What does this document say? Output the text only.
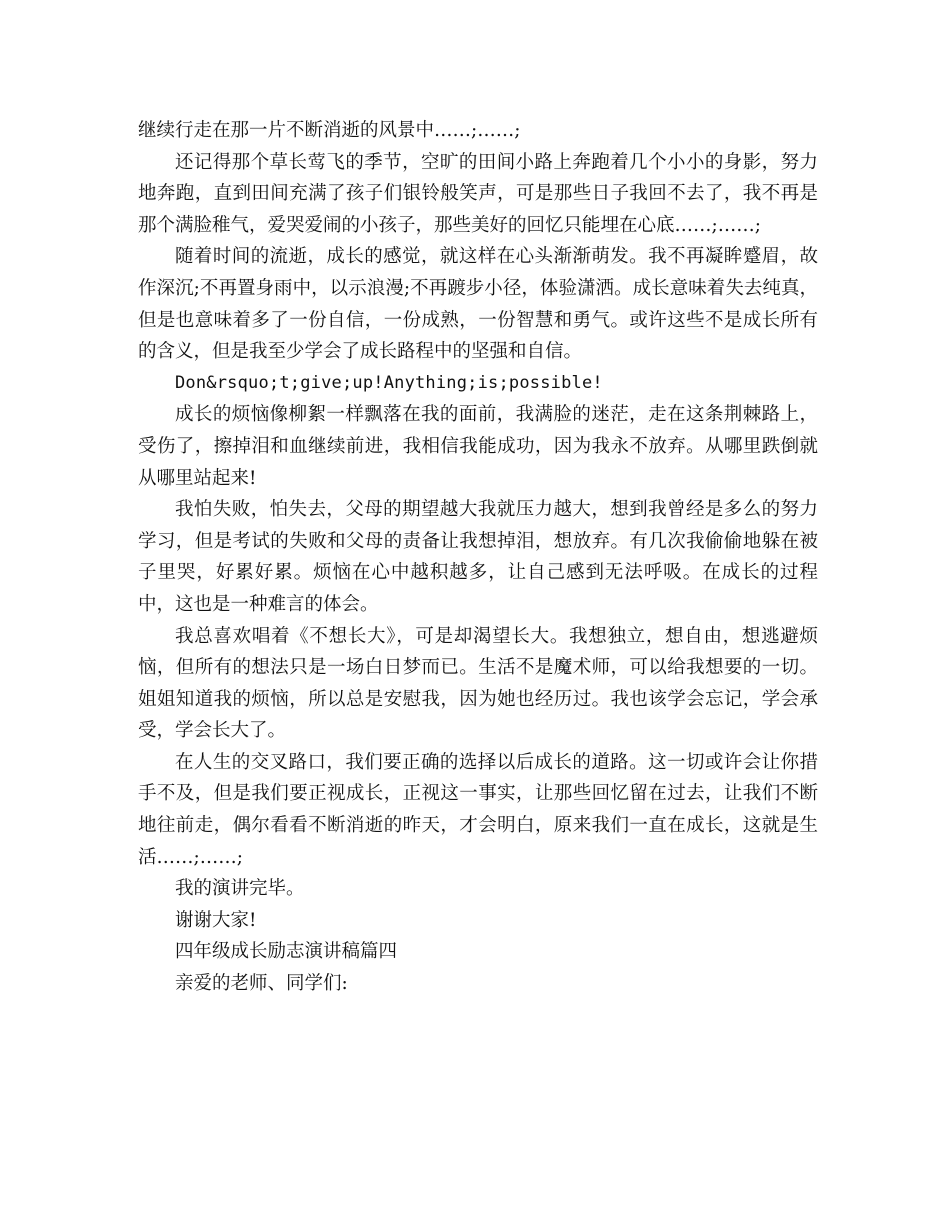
继续行走在那一片不断消逝的风景中……;……;

还记得那个草长莺飞的季节，空旷的田间小路上奔跑着几个小小的身影，努力地奔跑，直到田间充满了孩子们银铃般笑声，可是那些日子我回不去了，我不再是那个满脸稚气，爱哭爱闹的小孩子，那些美好的回忆只能埋在心底……;……;

随着时间的流逝，成长的感觉，就这样在心头渐渐萌发。我不再凝眸蹙眉，故作深沉;不再置身雨中，以示浪漫;不再踱步小径，体验潇洒。成长意味着失去纯真，但是也意味着多了一份自信，一份成熟，一份智慧和勇气。或许这些不是成长所有的含义，但是我至少学会了成长路程中的坚强和自信。

Don&rsquo;t;give;up!Anything;is;possible!

成长的烦恼像柳絮一样飘落在我的面前，我满脸的迷茫，走在这条荆棘路上，受伤了，擦掉泪和血继续前进，我相信我能成功，因为我永不放弃。从哪里跌倒就从哪里站起来!

我怕失败，怕失去，父母的期望越大我就压力越大，想到我曾经是多么的努力学习，但是考试的失败和父母的责备让我想掉泪，想放弃。有几次我偷偷地躲在被子里哭，好累好累。烦恼在心中越积越多，让自己感到无法呼吸。在成长的过程中，这也是一种难言的体会。

我总喜欢唱着《不想长大》，可是却渴望长大。我想独立，想自由，想逃避烦恼，但所有的想法只是一场白日梦而已。生活不是魔术师，可以给我想要的一切。姐姐知道我的烦恼，所以总是安慰我，因为她也经历过。我也该学会忘记，学会承受，学会长大了。

在人生的交叉路口，我们要正确的选择以后成长的道路。这一切或许会让你措手不及，但是我们要正视成长，正视这一事实，让那些回忆留在过去，让我们不断地往前走，偶尔看看不断消逝的昨天，才会明白，原来我们一直在成长，这就是生活……;……;

我的演讲完毕。

谢谢大家!

四年级成长励志演讲稿篇四

亲爱的老师、同学们:
